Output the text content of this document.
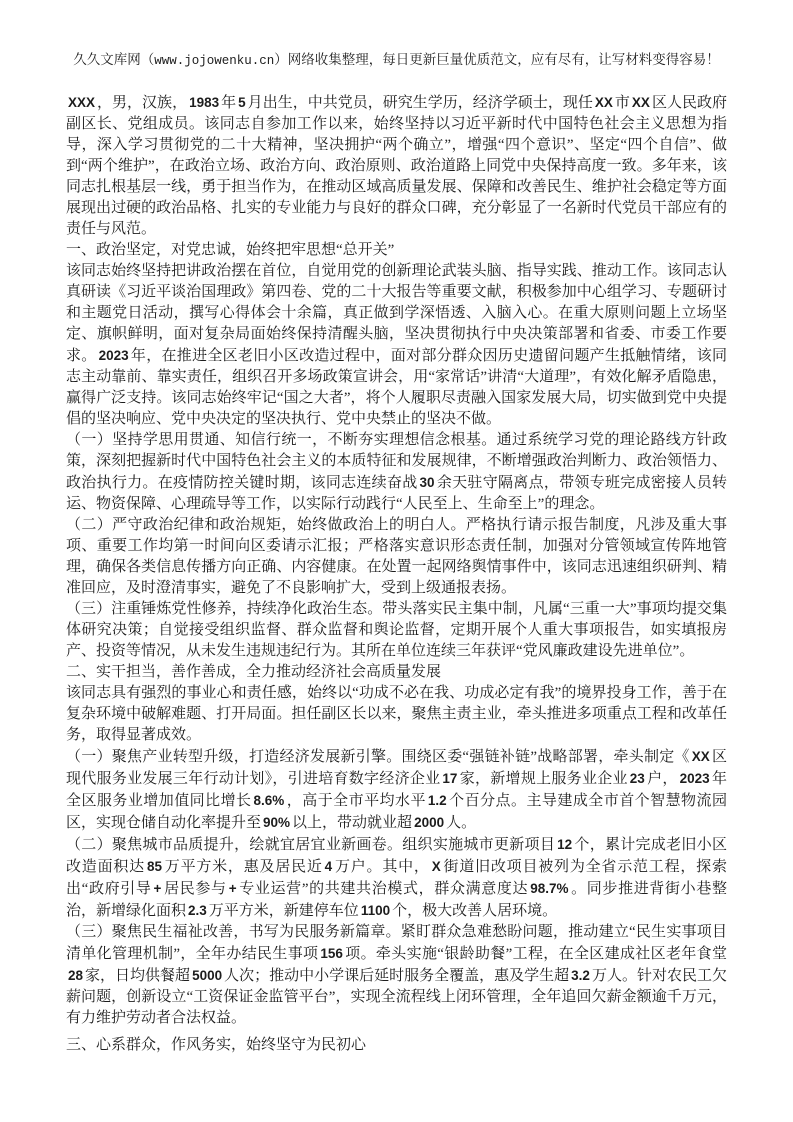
久久文库网（www.jojowenku.cn）网络收集整理，每日更新巨量优质范文，应有尽有，让写材料变得容易！

XXX ，男，汉族， 1983 年 5 月出生，中共党员，研究生学历，经济学硕士，现任 XX 市 XX 区人民政府副区长、党组成员。该同志自参加工作以来，始终坚持以习近平新时代中国特色社会主义思想为指导，深入学习贯彻党的二十大精神，坚决拥护“两个确立”，增强“四个意识”、坚定“四个自信”、做到“两个维护”，在政治立场、政治方向、政治原则、政治道路上同党中央保持高度一致。多年来，该同志扎根基层一线，勇于担当作为，在推动区域高质量发展、保障和改善民生、维护社会稳定等方面展现出过硬的政治品格、扎实的专业能力与良好的群众口碑，充分彰显了一名新时代党员干部应有的责任与风范。

一、政治坚定，对党忠诚，始终把牢思想“总开关”

该同志始终坚持把讲政治摆在首位，自觉用党的创新理论武装头脑、指导实践、推动工作。该同志认真研读《习近平谈治国理政》第四卷、党的二十大报告等重要文献，积极参加中心组学习、专题研讨和主题党日活动，撰写心得体会十余篇，真正做到学深悟透、入脑入心。在重大原则问题上立场坚定、旗帜鲜明，面对复杂局面始终保持清醒头脑，坚决贯彻执行中央决策部署和省委、市委工作要求。 2023 年，在推进全区老旧小区改造过程中，面对部分群众因历史遗留问题产生抵触情绪，该同志主动靠前、靠实责任，组织召开多场政策宣讲会，用“家常话”讲清“大道理”，有效化解矛盾隐患，赢得广泛支持。该同志始终牢记“国之大者”，将个人履职尽责融入国家发展大局，切实做到党中央提倡的坚决响应、党中央决定的坚决执行、党中央禁止的坚决不做。

（一）坚持学思用贯通、知信行统一，不断夯实理想信念根基。通过系统学习党的理论路线方针政策，深刻把握新时代中国特色社会主义的本质特征和发展规律，不断增强政治判断力、政治领悟力、政治执行力。在疫情防控关键时期，该同志连续奋战 30 余天驻守隔离点，带领专班完成密接人员转运、物资保障、心理疏导等工作，以实际行动践行“人民至上、生命至上”的理念。

（二）严守政治纪律和政治规矩，始终做政治上的明白人。严格执行请示报告制度，凡涉及重大事项、重要工作均第一时间向区委请示汇报；严格落实意识形态责任制，加强对分管领域宣传阵地管理，确保各类信息传播方向正确、内容健康。在处置一起网络舆情事件中，该同志迅速组织研判、精准回应，及时澄清事实，避免了不良影响扩大，受到上级通报表扬。

（三）注重锤炼党性修养，持续净化政治生态。带头落实民主集中制，凡属“三重一大”事项均提交集体研究决策；自觉接受组织监督、群众监督和舆论监督，定期开展个人重大事项报告，如实填报房产、投资等情况，从未发生违规违纪行为。其所在单位连续三年获评“党风廉政建设先进单位”。

二、实干担当，善作善成，全力推动经济社会高质量发展

该同志具有强烈的事业心和责任感，始终以“功成不必在我、功成必定有我”的境界投身工作，善于在复杂环境中破解难题、打开局面。担任副区长以来，聚焦主责主业，牵头推进多项重点工程和改革任务，取得显著成效。

（一）聚焦产业转型升级，打造经济发展新引擎。围绕区委“强链补链”战略部署，牵头制定《 XX 区现代服务业发展三年行动计划》，引进培育数字经济企业 17 家，新增规上服务业企业 23 户， 2023 年全区服务业增加值同比增长 8.6% ，高于全市平均水平 1.2 个百分点。主导建成全市首个智慧物流园区，实现仓储自动化率提升至 90% 以上，带动就业超 2000 人。

（二）聚焦城市品质提升，绘就宜居宜业新画卷。组织实施城市更新项目 12 个，累计完成老旧小区改造面积达 85 万平方米，惠及居民近 4 万户。其中， X 街道旧改项目被列为全省示范工程，探索出“政府引导 + 居民参与 + 专业运营”的共建共治模式，群众满意度达 98.7% 。同步推进背街小巷整治，新增绿化面积 2.3 万平方米，新建停车位 1100 个，极大改善人居环境。

（三）聚焦民生福祉改善，书写为民服务新篇章。紧盯群众急难愁盼问题，推动建立“民生实事项目清单化管理机制”，全年办结民生事项 156 项。牵头实施“银龄助餐”工程，在全区建成社区老年食堂28 家，日均供餐超 5000 人次；推动中小学课后延时服务全覆盖，惠及学生超 3.2 万人。针对农民工欠薪问题，创新设立“工资保证金监管平台”，实现全流程线上闭环管理，全年追回欠薪金额逾千万元，有力维护劳动者合法权益。

三、心系群众，作风务实，始终坚守为民初心
